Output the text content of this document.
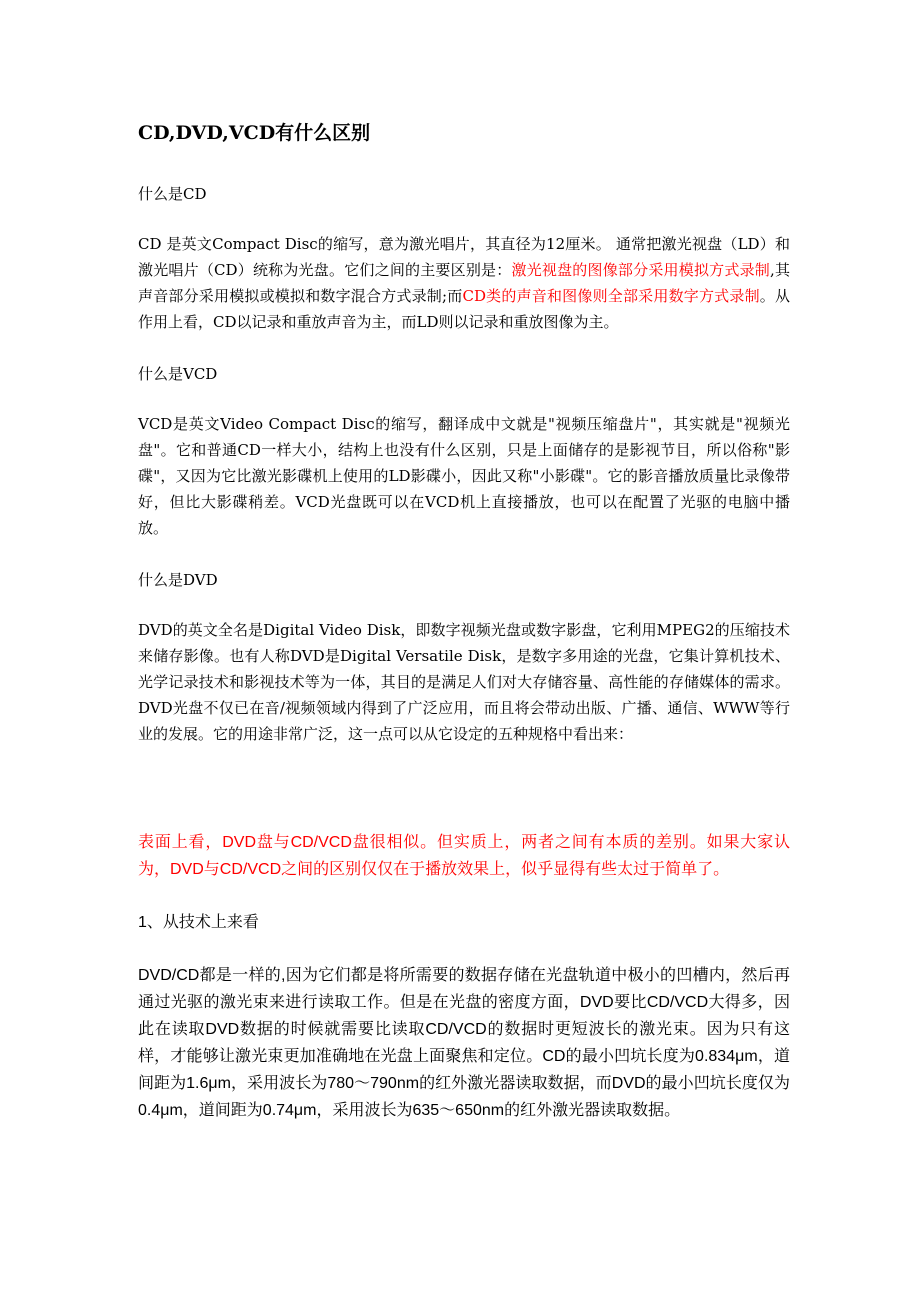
CD,DVD,VCD有什么区别

什么是CD

CD 是英文Compact Disc的缩写，意为激光唱片，其直径为12厘米。 通常把激光视盘（LD）和激光唱片（CD）统称为光盘。它们之间的主要区别是：激光视盘的图像部分采用模拟方式录制,其声音部分采用模拟或模拟和数字混合方式录制;而CD类的声音和图像则全部采用数字方式录制。从作用上看，CD以记录和重放声音为主，而LD则以记录和重放图像为主。

什么是VCD

VCD是英文Video Compact Disc的缩写，翻译成中文就是"视频压缩盘片"，其实就是"视频光盘"。它和普通CD一样大小，结构上也没有什么区别，只是上面储存的是影视节目，所以俗称"影碟"，又因为它比激光影碟机上使用的LD影碟小，因此又称"小影碟"。它的影音播放质量比录像带好，但比大影碟稍差。VCD光盘既可以在VCD机上直接播放，也可以在配置了光驱的电脑中播放。

什么是DVD

DVD的英文全名是Digital Video Disk，即数字视频光盘或数字影盘，它利用MPEG2的压缩技术来储存影像。也有人称DVD是Digital Versatile Disk，是数字多用途的光盘，它集计算机技术、光学记录技术和影视技术等为一体，其目的是满足人们对大存储容量、高性能的存储媒体的需求。DVD光盘不仅已在音/视频领域内得到了广泛应用，而且将会带动出版、广播、通信、WWW等行业的发展。它的用途非常广泛，这一点可以从它设定的五种规格中看出来：

表面上看，DVD盘与CD/VCD盘很相似。但实质上，两者之间有本质的差别。如果大家认为，DVD与CD/VCD之间的区别仅仅在于播放效果上，似乎显得有些太过于简单了。

1、从技术上来看

DVD/CD都是一样的,因为它们都是将所需要的数据存储在光盘轨道中极小的凹槽内，然后再通过光驱的激光束来进行读取工作。但是在光盘的密度方面，DVD要比CD/VCD大得多，因此在读取DVD数据的时候就需要比读取CD/VCD的数据时更短波长的激光束。因为只有这样，才能够让激光束更加准确地在光盘上面聚焦和定位。CD的最小凹坑长度为0.834μm，道间距为1.6μm，采用波长为780～790nm的红外激光器读取数据，而DVD的最小凹坑长度仅为0.4μm，道间距为0.74μm，采用波长为635～650nm的红外激光器读取数据。
